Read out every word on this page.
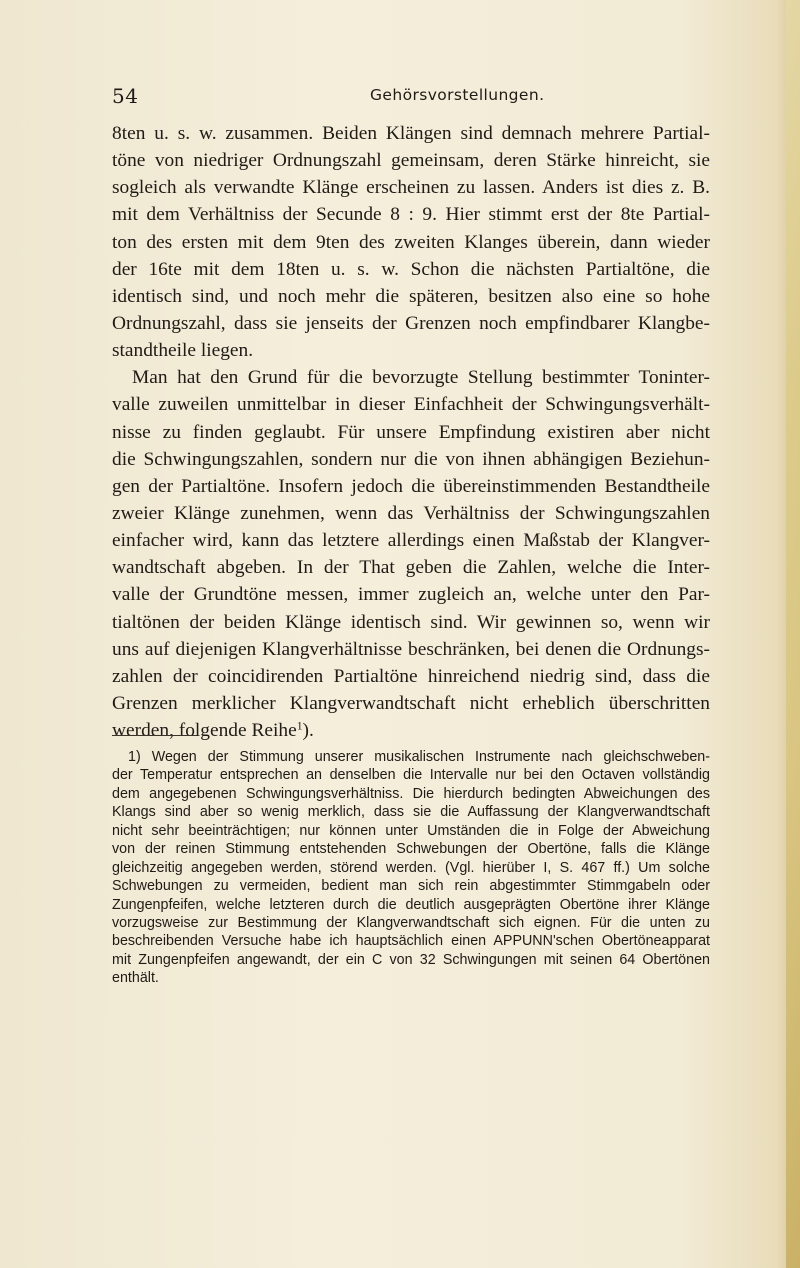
54	Gehörsvorstellungen.
8ten u. s. w. zusammen. Beiden Klängen sind demnach mehrere Partial-
töne von niedriger Ordnungszahl gemeinsam, deren Stärke hinreicht, sie
sogleich als verwandte Klänge erscheinen zu lassen. Anders ist dies z. B.
mit dem Verhältniss der Secunde 8 : 9. Hier stimmt erst der 8te Partial-
ton des ersten mit dem 9ten des zweiten Klanges überein, dann wieder
der 16te mit dem 18ten u. s. w. Schon die nächsten Partialtöne, die
identisch sind, und noch mehr die späteren, besitzen also eine so hohe
Ordnungszahl, dass sie jenseits der Grenzen noch empfindbarer Klangbe-
standtheile liegen.
Man hat den Grund für die bevorzugte Stellung bestimmter Toninter-
valle zuweilen unmittelbar in dieser Einfachheit der Schwingungsverhält-
nisse zu finden geglaubt. Für unsere Empfindung existiren aber nicht
die Schwingungszahlen, sondern nur die von ihnen abhängigen Beziehun-
gen der Partialtöne. Insofern jedoch die übereinstimmenden Bestandtheile
zweier Klänge zunehmen, wenn das Verhältniss der Schwingungszahlen
einfacher wird, kann das letztere allerdings einen Maßstab der Klangver-
wandtschaft abgeben. In der That geben die Zahlen, welche die Inter-
valle der Grundtöne messen, immer zugleich an, welche unter den Par-
tialtönen der beiden Klänge identisch sind. Wir gewinnen so, wenn wir
uns auf diejenigen Klangverhältnisse beschränken, bei denen die Ordnungs-
zahlen der coincidirenden Partialtöne hinreichend niedrig sind, dass die
Grenzen merklicher Klangverwandtschaft nicht erheblich überschritten
werden, folgende Reihe$^1$).
1) Wegen der Stimmung unserer musikalischen Instrumente nach gleichschweben-
der Temperatur entsprechen an denselben die Intervalle nur bei den Octaven vollständig
dem angegebenen Schwingungsverhältniss. Die hierdurch bedingten Abweichungen des
Klangs sind aber so wenig merklich, dass sie die Auffassung der Klangverwandtschaft
nicht sehr beeinträchtigen; nur können unter Umständen die in Folge der Abweichung
von der reinen Stimmung entstehenden Schwebungen der Obertöne, falls die Klänge
gleichzeitig angegeben werden, störend werden. (Vgl. hierüber I, S. 467 ff.) Um solche
Schwebungen zu vermeiden, bedient man sich rein abgestimmter Stimmgabeln oder
Zungenpfeifen, welche letzteren durch die deutlich ausgeprägten Obertöne ihrer Klänge
vorzugsweise zur Bestimmung der Klangverwandtschaft sich eignen. Für die unten zu
beschreibenden Versuche habe ich hauptsächlich einen APPUNN'schen Obertöneapparat
mit Zungenpfeifen angewandt, der ein C von 32 Schwingungen mit seinen 64 Obertönen
enthält.
